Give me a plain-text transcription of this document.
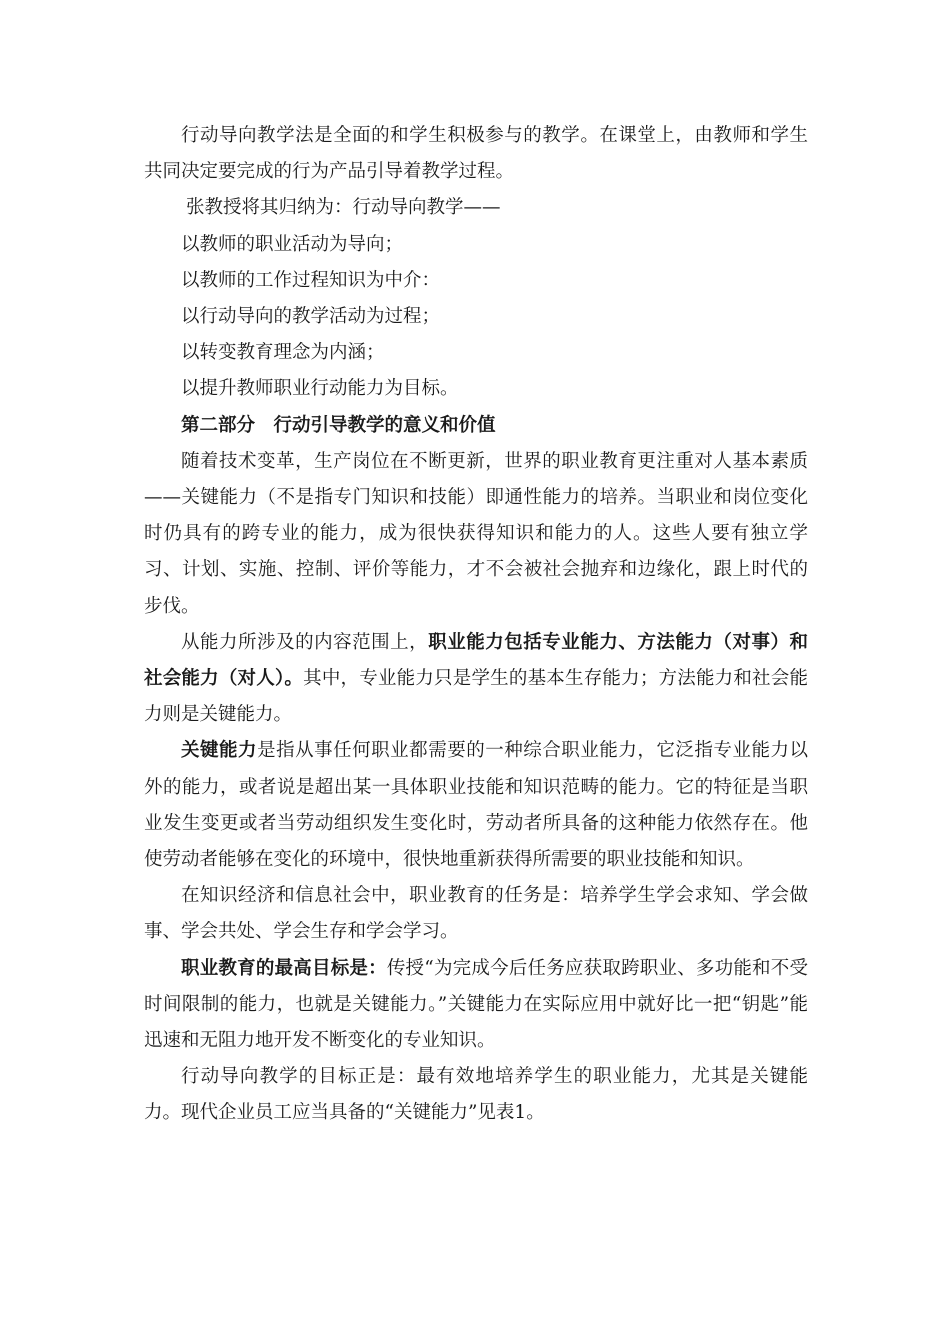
行动导向教学法是全面的和学生积极参与的教学。在课堂上，由教师和学生共同决定要完成的行为产品引导着教学过程。

张教授将其归纳为：行动导向教学——

以教师的职业活动为导向；

以教师的工作过程知识为中介：

以行动导向的教学活动为过程；

以转变教育理念为内涵；

以提升教师职业行动能力为目标。

第二部分　行动引导教学的意义和价值

随着技术变革，生产岗位在不断更新，世界的职业教育更注重对人基本素质——关键能力（不是指专门知识和技能）即通性能力的培养。当职业和岗位变化时仍具有的跨专业的能力，成为很快获得知识和能力的人。这些人要有独立学习、计划、实施、控制、评价等能力，才不会被社会抛弃和边缘化，跟上时代的步伐。

从能力所涉及的内容范围上，职业能力包括专业能力、方法能力（对事）和社会能力（对人）。其中，专业能力只是学生的基本生存能力；方法能力和社会能力则是关键能力。

关键能力是指从事任何职业都需要的一种综合职业能力，它泛指专业能力以外的能力，或者说是超出某一具体职业技能和知识范畴的能力。它的特征是当职业发生变更或者当劳动组织发生变化时，劳动者所具备的这种能力依然存在。他使劳动者能够在变化的环境中，很快地重新获得所需要的职业技能和知识。

在知识经济和信息社会中，职业教育的任务是：培养学生学会求知、学会做事、学会共处、学会生存和学会学习。

职业教育的最高目标是：传授“为完成今后任务应获取跨职业、多功能和不受时间限制的能力，也就是关键能力。”关键能力在实际应用中就好比一把“钥匙”能迅速和无阻力地开发不断变化的专业知识。

行动导向教学的目标正是：最有效地培养学生的职业能力，尤其是关键能力。现代企业员工应当具备的“关键能力”见表1。
